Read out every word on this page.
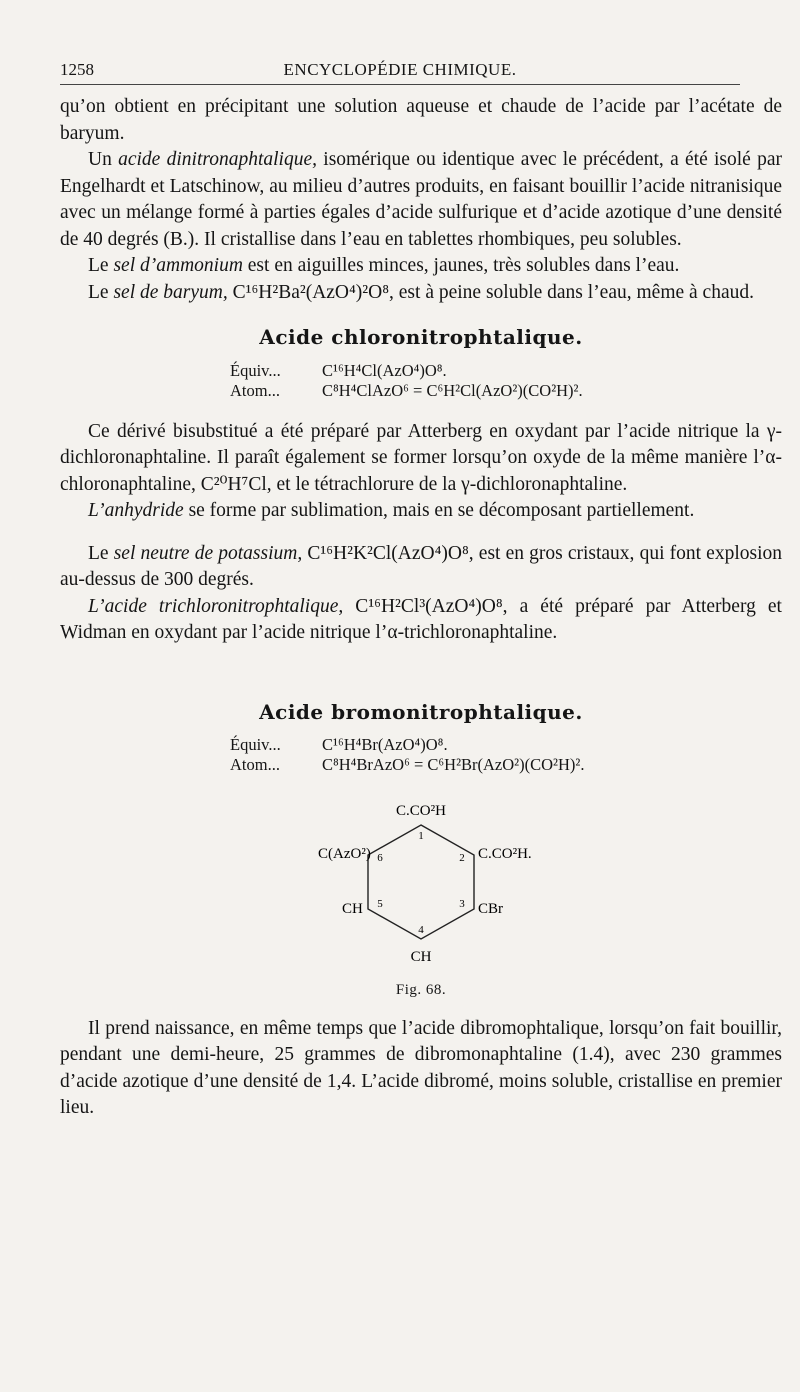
1258	ENCYCLOPÉDIE CHIMIQUE.

qu’on obtient en précipitant une solution aqueuse et chaude de l’acide par l’acétate de baryum.

Un acide dinitronaphtalique, isomérique ou identique avec le précédent, a été isolé par Engelhardt et Latschinow, au milieu d’autres produits, en faisant bouillir l’acide nitranisique avec un mélange formé à parties égales d’acide sulfurique et d’acide azotique d’une densité de 40 degrés (B.). Il cristallise dans l’eau en tablettes rhombiques, peu solubles.

Le sel d’ammonium est en aiguilles minces, jaunes, très solubles dans l’eau.

Le sel de baryum, C¹⁶H²Ba²(AzO⁴)²O⁸, est à peine soluble dans l’eau, même à chaud.

Acide chloronitrophtalique.
Équiv...	C¹⁶H⁴Cl(AzO⁴)O⁸.
Atom...	C⁸H⁴ClAzO⁶ = C⁶H²Cl(AzO²)(CO²H)².

Ce dérivé bisubstitué a été préparé par Atterberg en oxydant par l’acide nitrique la γ-dichloronaphtaline. Il paraît également se former lorsqu’on oxyde de la même manière l’α-chloronaphtaline, C²⁰H⁷Cl, et le tétrachlorure de la γ-dichloronaphtaline.

L’anhydride se forme par sublimation, mais en se décomposant partiellement.

Le sel neutre de potassium, C¹⁶H²K²Cl(AzO⁴)O⁸, est en gros cristaux, qui font explosion au-dessus de 300 degrés.

L’acide trichloronitrophtalique, C¹⁶H²Cl³(AzO⁴)O⁸, a été préparé par Atterberg et Widman en oxydant par l’acide nitrique l’α-trichloronaphtaline.

Acide bromonitrophtalique.
Équiv...	C¹⁶H⁴Br(AzO⁴)O⁸.
Atom...	C⁸H⁴BrAzO⁶ = C⁶H²Br(AzO²)(CO²H)².
C.CO²H
C(AzO²)	C.CO²H.
CH	CBr
CH
1
2
3
4
5
6
Fig. 68.

Il prend naissance, en même temps que l’acide dibromophtalique, lorsqu’on fait bouillir, pendant une demi-heure, 25 grammes de dibromonaphtaline (1.4), avec 230 grammes d’acide azotique d’une densité de 1,4. L’acide dibromé, moins soluble, cristallise en premier lieu.
